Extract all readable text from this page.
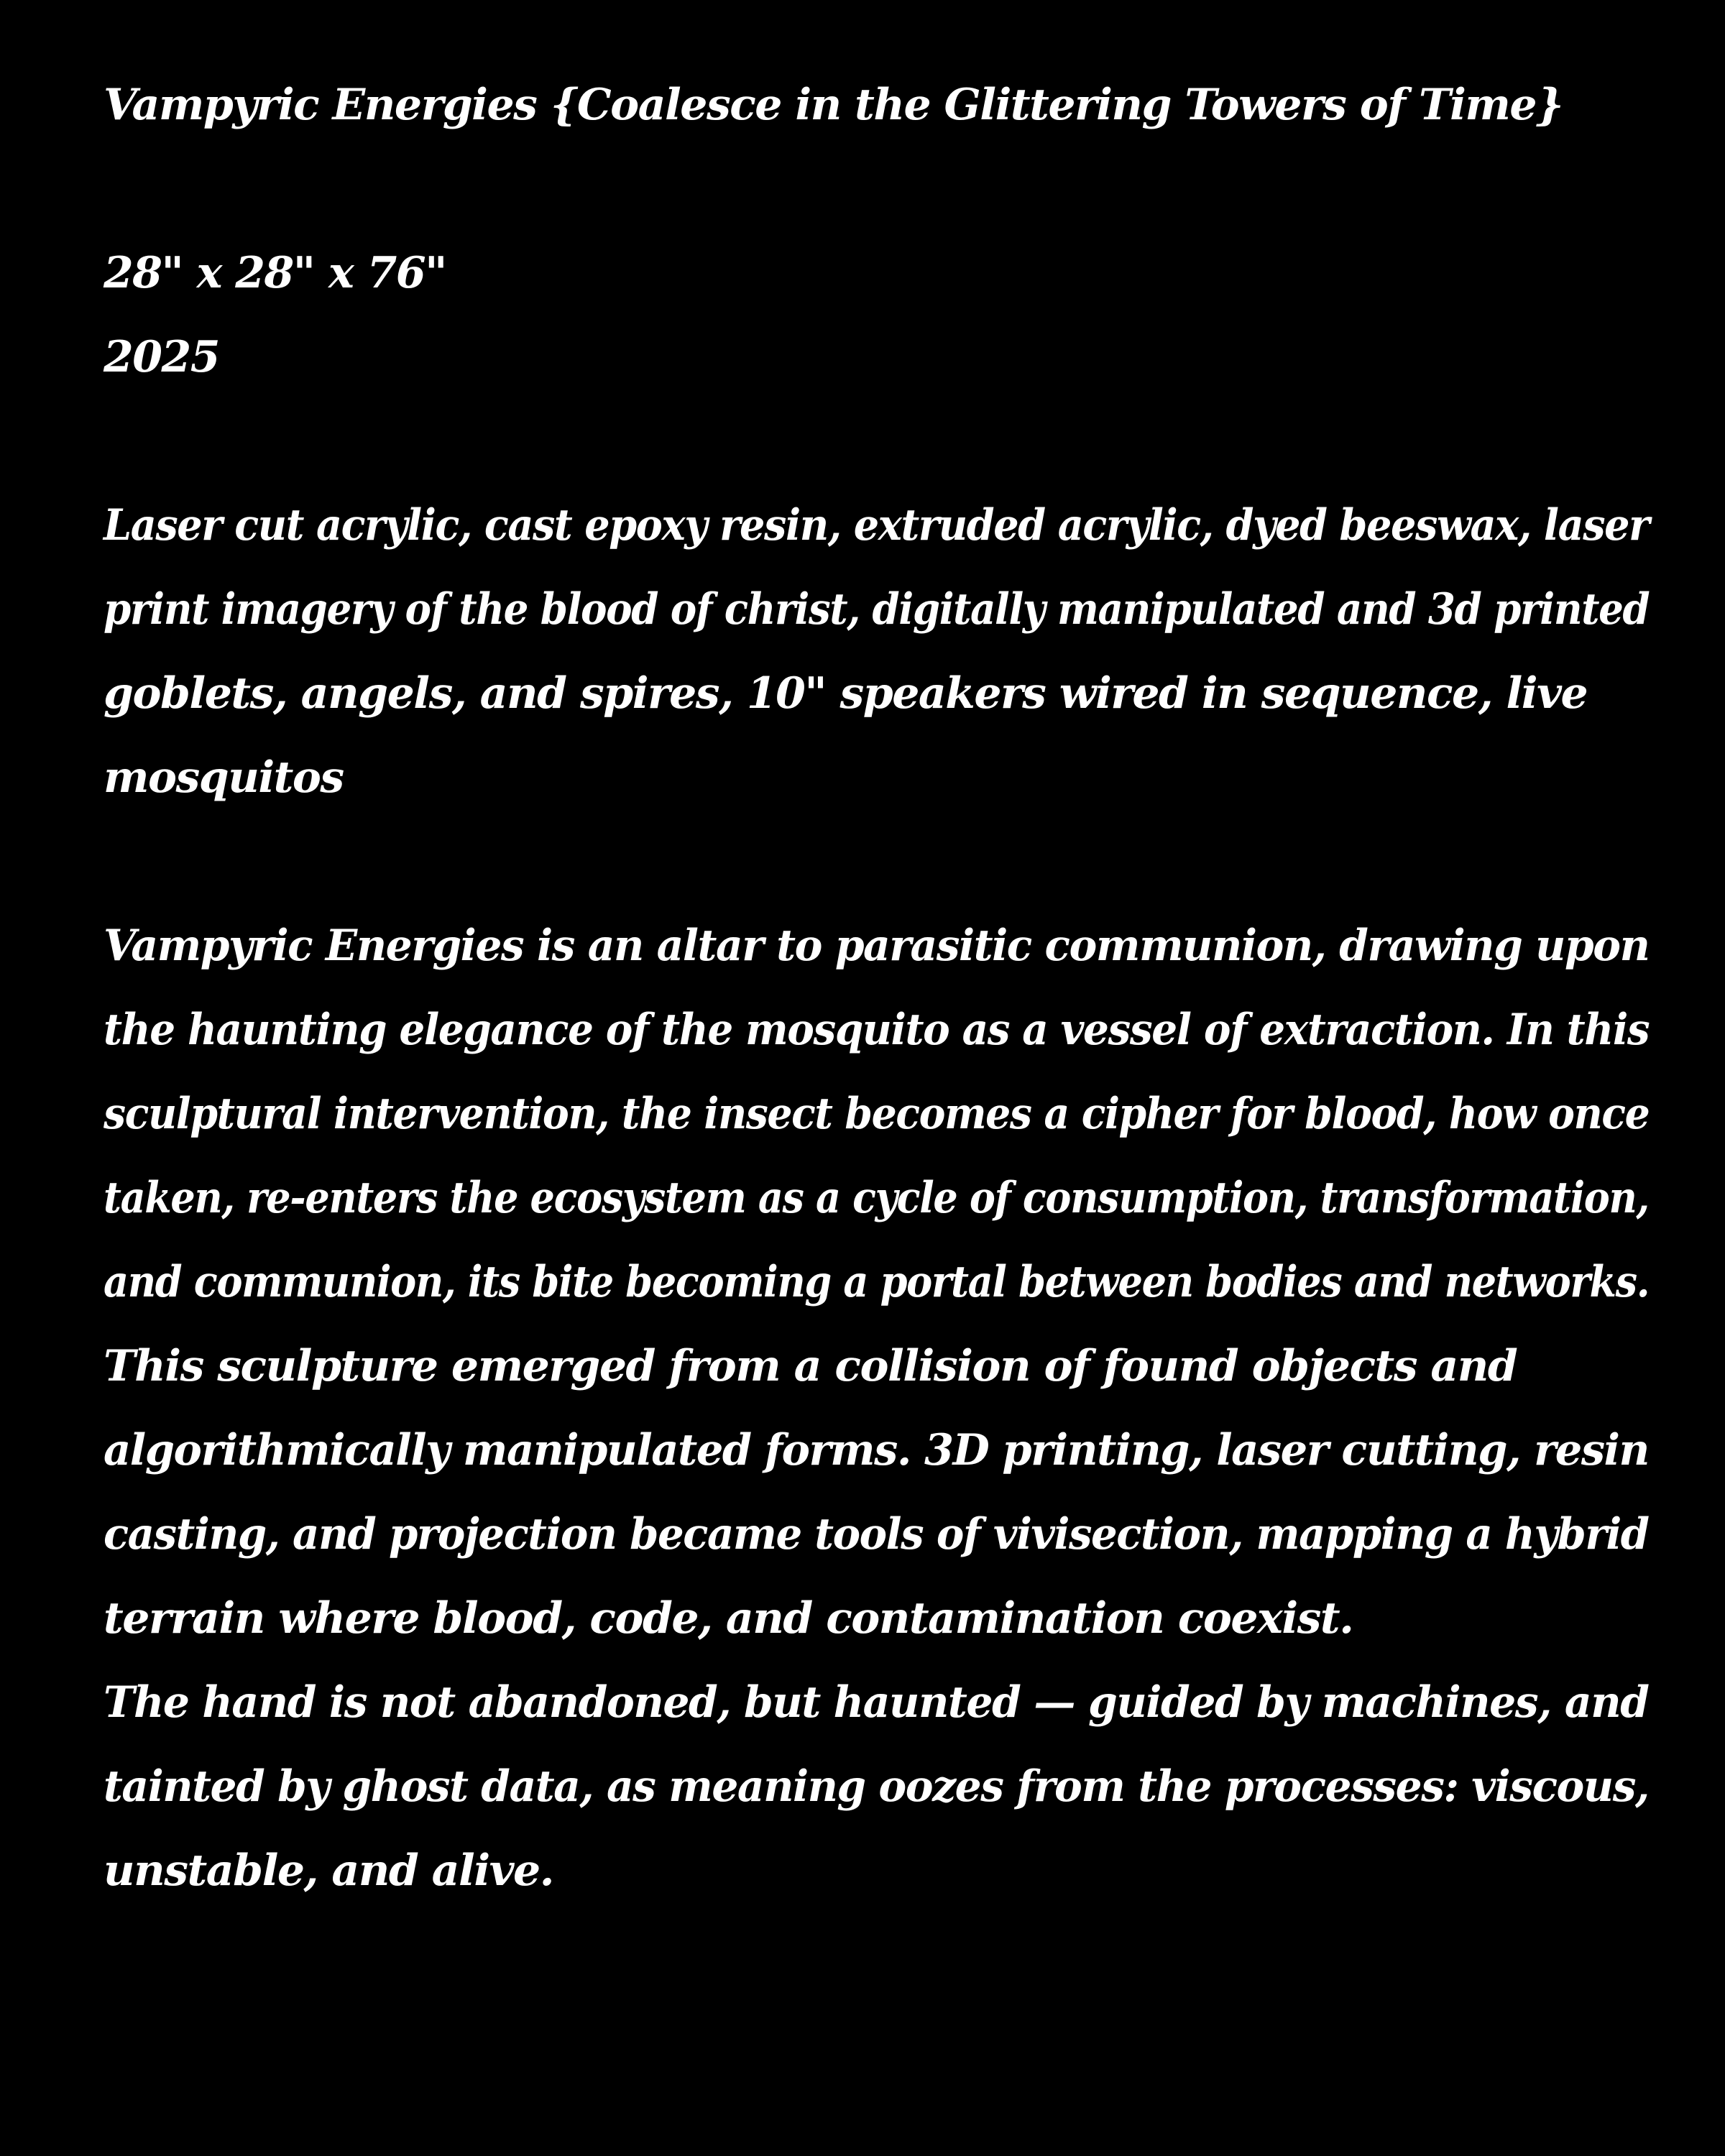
Vampyric Energies {Coalesce in the Glittering Towers of Time}
28" x 28" x 76"
2025
Laser cut acrylic, cast epoxy resin, extruded acrylic, dyed beeswax, laser
print imagery of the blood of christ, digitally manipulated and 3d printed
goblets, angels, and spires, 10" speakers wired in sequence, live
mosquitos
Vampyric Energies is an altar to parasitic communion, drawing upon
the haunting elegance of the mosquito as a vessel of extraction. In this
sculptural intervention, the insect becomes a cipher for blood, how once
taken, re-enters the ecosystem as a cycle of consumption, transformation,
and communion, its bite becoming a portal between bodies and networks.
This sculpture emerged from a collision of found objects and
algorithmically manipulated forms. 3D printing, laser cutting, resin
casting, and projection became tools of vivisection, mapping a hybrid
terrain where blood, code, and contamination coexist.
The hand is not abandoned, but haunted — guided by machines, and
tainted by ghost data, as meaning oozes from the processes: viscous,
unstable, and alive.
